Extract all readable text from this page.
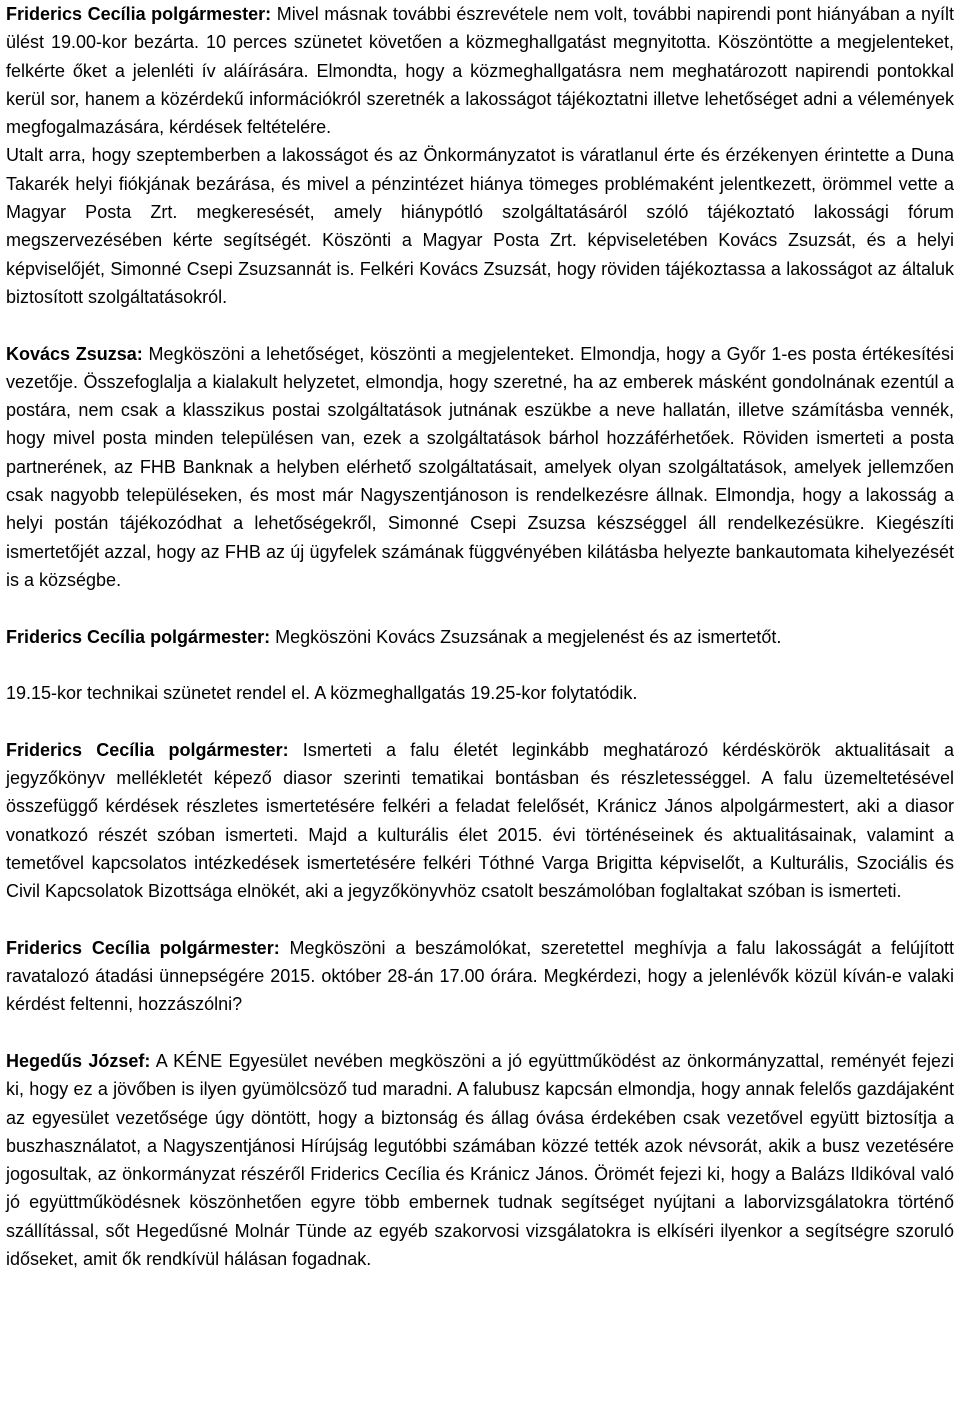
Friderics Cecília polgármester: Mivel másnak további észrevétele nem volt, további napirendi pont hiányában a nyílt ülést 19.00-kor bezárta. 10 perces szünetet követően a közmeghallgatást megnyitotta. Köszöntötte a megjelenteket, felkérte őket a jelenléti ív aláírására. Elmondta, hogy a közmeghallgatásra nem meghatározott napirendi pontokkal kerül sor, hanem a közérdekű információkról szeretnék a lakosságot tájékoztatni illetve lehetőséget adni a vélemények megfogalmazására, kérdések feltételére.

Utalt arra, hogy szeptemberben a lakosságot és az Önkormányzatot is váratlanul érte és érzékenyen érintette a Duna Takarék helyi fiókjának bezárása, és mivel a pénzintézet hiánya tömeges problémaként jelentkezett, örömmel vette a Magyar Posta Zrt. megkeresését, amely hiánypótló szolgáltatásáról szóló tájékoztató lakossági fórum megszervezésében kérte segítségét. Köszönti a Magyar Posta Zrt. képviseletében Kovács Zsuzsát, és a helyi képviselőjét, Simonné Csepi Zsuzsannát is. Felkéri Kovács Zsuzsát, hogy röviden tájékoztassa a lakosságot az általuk biztosított szolgáltatásokról.

Kovács Zsuzsa: Megköszöni a lehetőséget, köszönti a megjelenteket. Elmondja, hogy a Győr 1-es posta értékesítési vezetője. Összefoglalja a kialakult helyzetet, elmondja, hogy szeretné, ha az emberek másként gondolnának ezentúl a postára, nem csak a klasszikus postai szolgáltatások jutnának eszükbe a neve hallatán, illetve számításba vennék, hogy mivel posta minden településen van, ezek a szolgáltatások bárhol hozzáférhetőek. Röviden ismerteti a posta partnerének, az FHB Banknak a helyben elérhető szolgáltatásait, amelyek olyan szolgáltatások, amelyek jellemzően csak nagyobb településeken, és most már Nagyszentjánoson is rendelkezésre állnak. Elmondja, hogy a lakosság a helyi postán tájékozódhat a lehetőségekről, Simonné Csepi Zsuzsa készséggel áll rendelkezésükre. Kiegészíti ismertetőjét azzal, hogy az FHB az új ügyfelek számának függvényében kilátásba helyezte bankautomata kihelyezését is a községbe.

Friderics Cecília polgármester: Megköszöni Kovács Zsuzsának a megjelenést és az ismertetőt.

19.15-kor technikai szünetet rendel el. A közmeghallgatás 19.25-kor folytatódik.

Friderics Cecília polgármester: Ismerteti a falu életét leginkább meghatározó kérdéskörök aktualitásait a jegyzőkönyv mellékletét képező diasor szerinti tematikai bontásban és részletességgel. A falu üzemeltetésével összefüggő kérdések részletes ismertetésére felkéri a feladat felelősét, Kránicz János alpolgármestert, aki a diasor vonatkozó részét szóban ismerteti. Majd a kulturális élet 2015. évi történéseinek és aktualitásainak, valamint a temetővel kapcsolatos intézkedések ismertetésére felkéri Tóthné Varga Brigitta képviselőt, a Kulturális, Szociális és Civil Kapcsolatok Bizottsága elnökét, aki a jegyzőkönyvhöz csatolt beszámolóban foglaltakat szóban is ismerteti.

Friderics Cecília polgármester: Megköszöni a beszámolókat, szeretettel meghívja a falu lakosságát a felújított ravatalozó átadási ünnepségére 2015. október 28-án 17.00 órára. Megkérdezi, hogy a jelenlévők közül kíván-e valaki kérdést feltenni, hozzászólni?

Hegedűs József: A KÉNE Egyesület nevében megköszöni a jó együttműködést az önkormányzattal, reményét fejezi ki, hogy ez a jövőben is ilyen gyümölcsöző tud maradni. A falubusz kapcsán elmondja, hogy annak felelős gazdájaként az egyesület vezetősége úgy döntött, hogy a biztonság és állag óvása érdekében csak vezetővel együtt biztosítja a buszhasználatot, a Nagyszentjánosi Hírújság legutóbbi számában közzé tették azok névsorát, akik a busz vezetésére jogosultak, az önkormányzat részéről Friderics Cecília és Kránicz János. Örömét fejezi ki, hogy a Balázs Ildikóval való jó együttműködésnek köszönhetően egyre több embernek tudnak segítséget nyújtani a laborvizsgálatokra történő szállítással, sőt Hegedűsné Molnár Tünde az egyéb szakorvosi vizsgálatokra is elkíséri ilyenkor a segítségre szoruló időseket, amit ők rendkívül hálásan fogadnak.
